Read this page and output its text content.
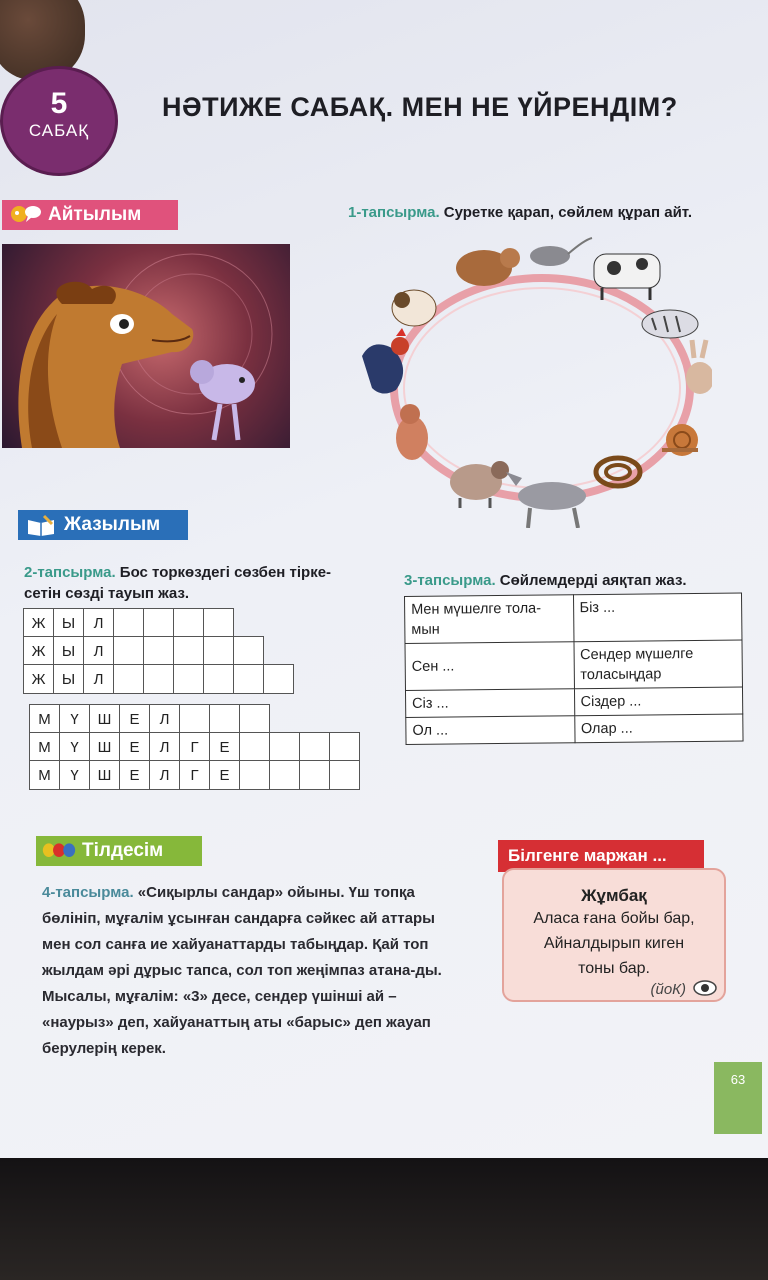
5
САБАҚ
НӘТИЖЕ САБАҚ. МЕН НЕ ҮЙРЕНДІМ?
Айтылым	1-тапсырма. Суретке қарап, сөйлем құрап айт.
Жазылым
2-тапсырма. Бос торкөздегі сөзбен тірке-сетін сөзді тауып жаз.
Ж	Ы	Л
Ж	Ы	Л
Ж	Ы	Л
М	Ү	Ш	Е	Л
М	Ү	Ш	Е	Л	Г	Е
М	Ү	Ш	Е	Л	Г	Е
3-тапсырма. Сөйлемдерді аяқтап жаз.
Мен мүшелге тола-мын	Біз ...
Сен ...	Сендер мүшелге толасыңдар
Сіз ...	Сіздер ...
Ол ...	Олар ...
Тілдесім
4-тапсырма. «Сиқырлы сандар» ойыны. Үш топқа бөлініп, мұғалім ұсынған сандарға сәйкес ай аттары мен сол санға ие хайуанаттарды табыңдар. Қай топ жылдам әрі дұрыс тапса, сол топ жеңімпаз атана-ды. Мысалы, мұғалім: «3» десе, сендер үшінші ай – «наурыз» деп, хайуанаттың аты «барыс» деп жауап берулерің керек.
Білгенге маржан ...
Жұмбақ
Аласа ғана бойы бар,
Айналдырып киген
тоны бар.
(йоК)
63
